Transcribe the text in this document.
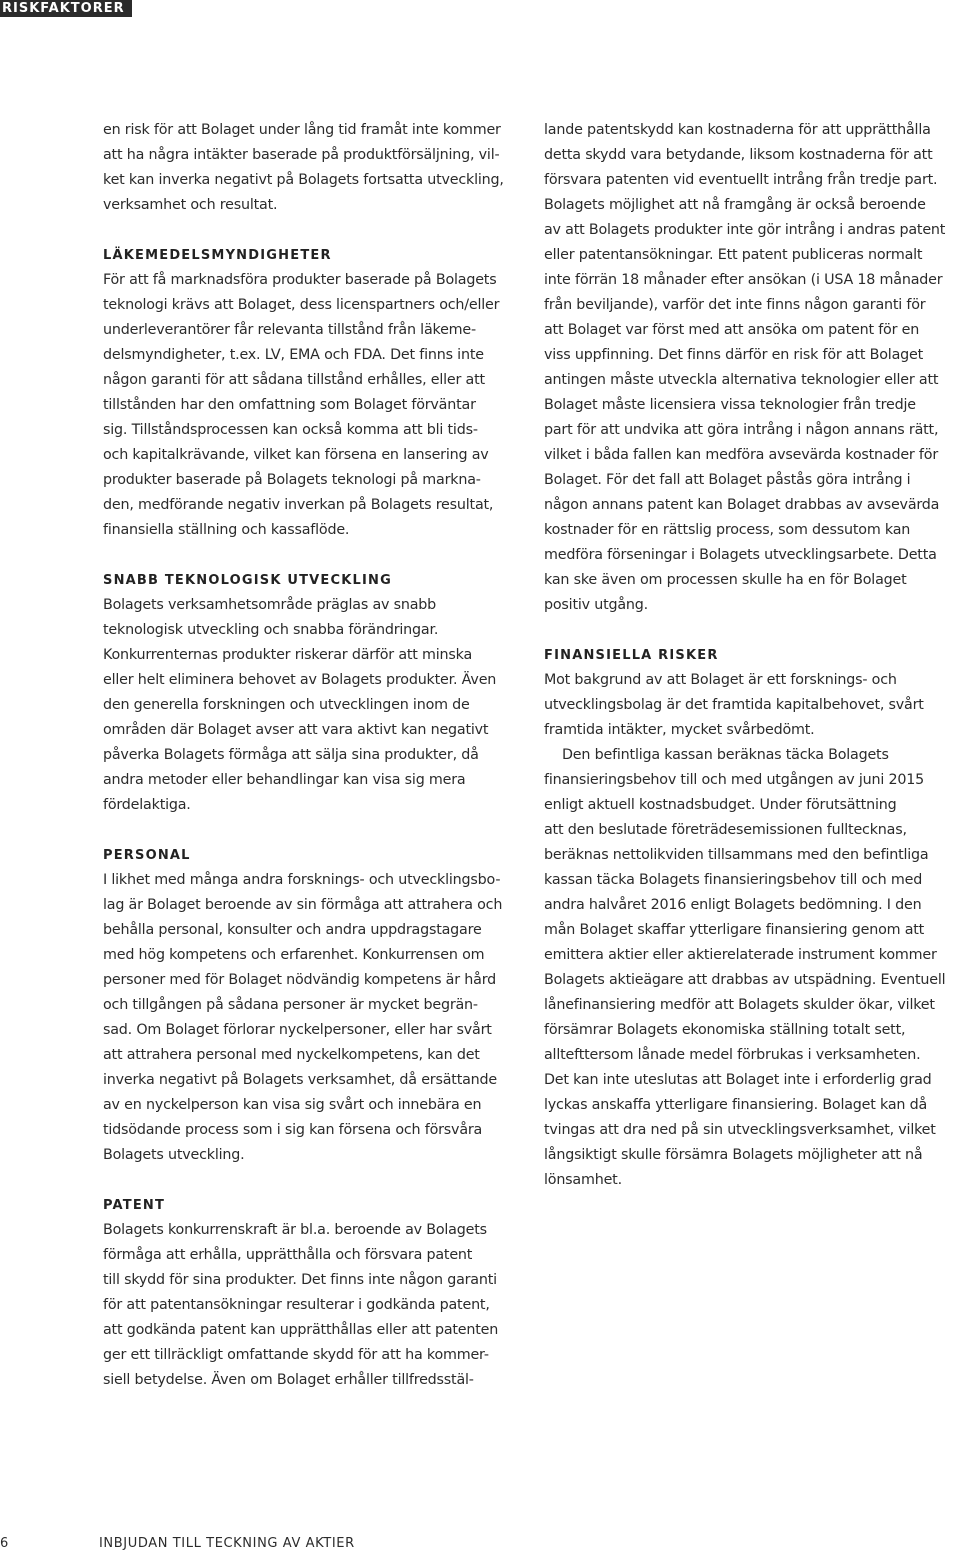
RISKFAKTORER
en risk för att Bolaget under lång tid framåt inte kommer
att ha några intäkter baserade på produktförsäljning, vil-
ket kan inverka negativt på Bolagets fortsatta utveckling,
verksamhet och resultat.
LÄKEMEDELSMYNDIGHETER
För att få marknadsföra produkter baserade på Bolagets
teknologi krävs att Bolaget, dess licenspartners och/eller
underleverantörer får relevanta tillstånd från läkeme-
delsmyndigheter, t.ex. LV, EMA och FDA. Det finns inte
någon garanti för att sådana tillstånd erhålles, eller att
tillstånden har den omfattning som Bolaget förväntar
sig. Tillståndsprocessen kan också komma att bli tids-
och kapitalkrävande, vilket kan försena en lansering av
produkter baserade på Bolagets teknologi på markna-
den, medförande negativ inverkan på Bolagets resultat,
finansiella ställning och kassaflöde.
SNABB TEKNOLOGISK UTVECKLING
Bolagets verksamhetsområde präglas av snabb
teknologisk utveckling och snabba förändringar.
Konkurrenternas produkter riskerar därför att minska
eller helt eliminera behovet av Bolagets produkter. Även
den generella forskningen och utvecklingen inom de
områden där Bolaget avser att vara aktivt kan negativt
påverka Bolagets förmåga att sälja sina produkter, då
andra metoder eller behandlingar kan visa sig mera
fördelaktiga.
PERSONAL
I likhet med många andra forsknings- och utvecklingsbo-
lag är Bolaget beroende av sin förmåga att attrahera och
behålla personal, konsulter och andra uppdragstagare
med hög kompetens och erfarenhet. Konkurrensen om
personer med för Bolaget nödvändig kompetens är hård
och tillgången på sådana personer är mycket begrän-
sad. Om Bolaget förlorar nyckelpersoner, eller har svårt
att attrahera personal med nyckelkompetens, kan det
inverka negativt på Bolagets verksamhet, då ersättande
av en nyckelperson kan visa sig svårt och innebära en
tidsödande process som i sig kan försena och försvåra
Bolagets utveckling.
PATENT
Bolagets konkurrenskraft är bl.a. beroende av Bolagets
förmåga att erhålla, upprätthålla och försvara patent
till skydd för sina produkter. Det finns inte någon garanti
för att patentansökningar resulterar i godkända patent,
att godkända patent kan upprätthållas eller att patenten
ger ett tillräckligt omfattande skydd för att ha kommer-
siell betydelse. Även om Bolaget erhåller tillfredsstäl-
lande patentskydd kan kostnaderna för att upprätthålla
detta skydd vara betydande, liksom kostnaderna för att
försvara patenten vid eventuellt intrång från tredje part.
Bolagets möjlighet att nå framgång är också beroende
av att Bolagets produkter inte gör intrång i andras patent
eller patentansökningar. Ett patent publiceras normalt
inte förrän 18 månader efter ansökan (i USA 18 månader
från beviljande), varför det inte finns någon garanti för
att Bolaget var först med att ansöka om patent för en
viss uppfinning. Det finns därför en risk för att Bolaget
antingen måste utveckla alternativa teknologier eller att
Bolaget måste licensiera vissa teknologier från tredje
part för att undvika att göra intrång i någon annans rätt,
vilket i båda fallen kan medföra avsevärda kostnader för
Bolaget. För det fall att Bolaget påstås göra intrång i
någon annans patent kan Bolaget drabbas av avsevärda
kostnader för en rättslig process, som dessutom kan
medföra förseningar i Bolagets utvecklingsarbete. Detta
kan ske även om processen skulle ha en för Bolaget
positiv utgång.
FINANSIELLA RISKER
Mot bakgrund av att Bolaget är ett forsknings- och
utvecklingsbolag är det framtida kapitalbehovet, svårt
framtida intäkter, mycket svårbedömt.
Den befintliga kassan beräknas täcka Bolagets
finansieringsbehov till och med utgången av juni 2015
enligt aktuell kostnadsbudget. Under förutsättning
att den beslutade företrädesemissionen fulltecknas,
beräknas nettolikviden tillsammans med den befintliga
kassan täcka Bolagets finansieringsbehov till och med
andra halvåret 2016 enligt Bolagets bedömning. I den
mån Bolaget skaffar ytterligare finansiering genom att
emittera aktier eller aktierelaterade instrument kommer
Bolagets aktieägare att drabbas av utspädning. Eventuell
lånefinansiering medför att Bolagets skulder ökar, vilket
försämrar Bolagets ekonomiska ställning totalt sett,
alltefttersom lånade medel förbrukas i verksamheten.
Det kan inte uteslutas att Bolaget inte i erforderlig grad
lyckas anskaffa ytterligare finansiering. Bolaget kan då
tvingas att dra ned på sin utvecklingsverksamhet, vilket
långsiktigt skulle försämra Bolagets möjligheter att nå
lönsamhet.
6	INBJUDAN TILL TECKNING AV AKTIER
